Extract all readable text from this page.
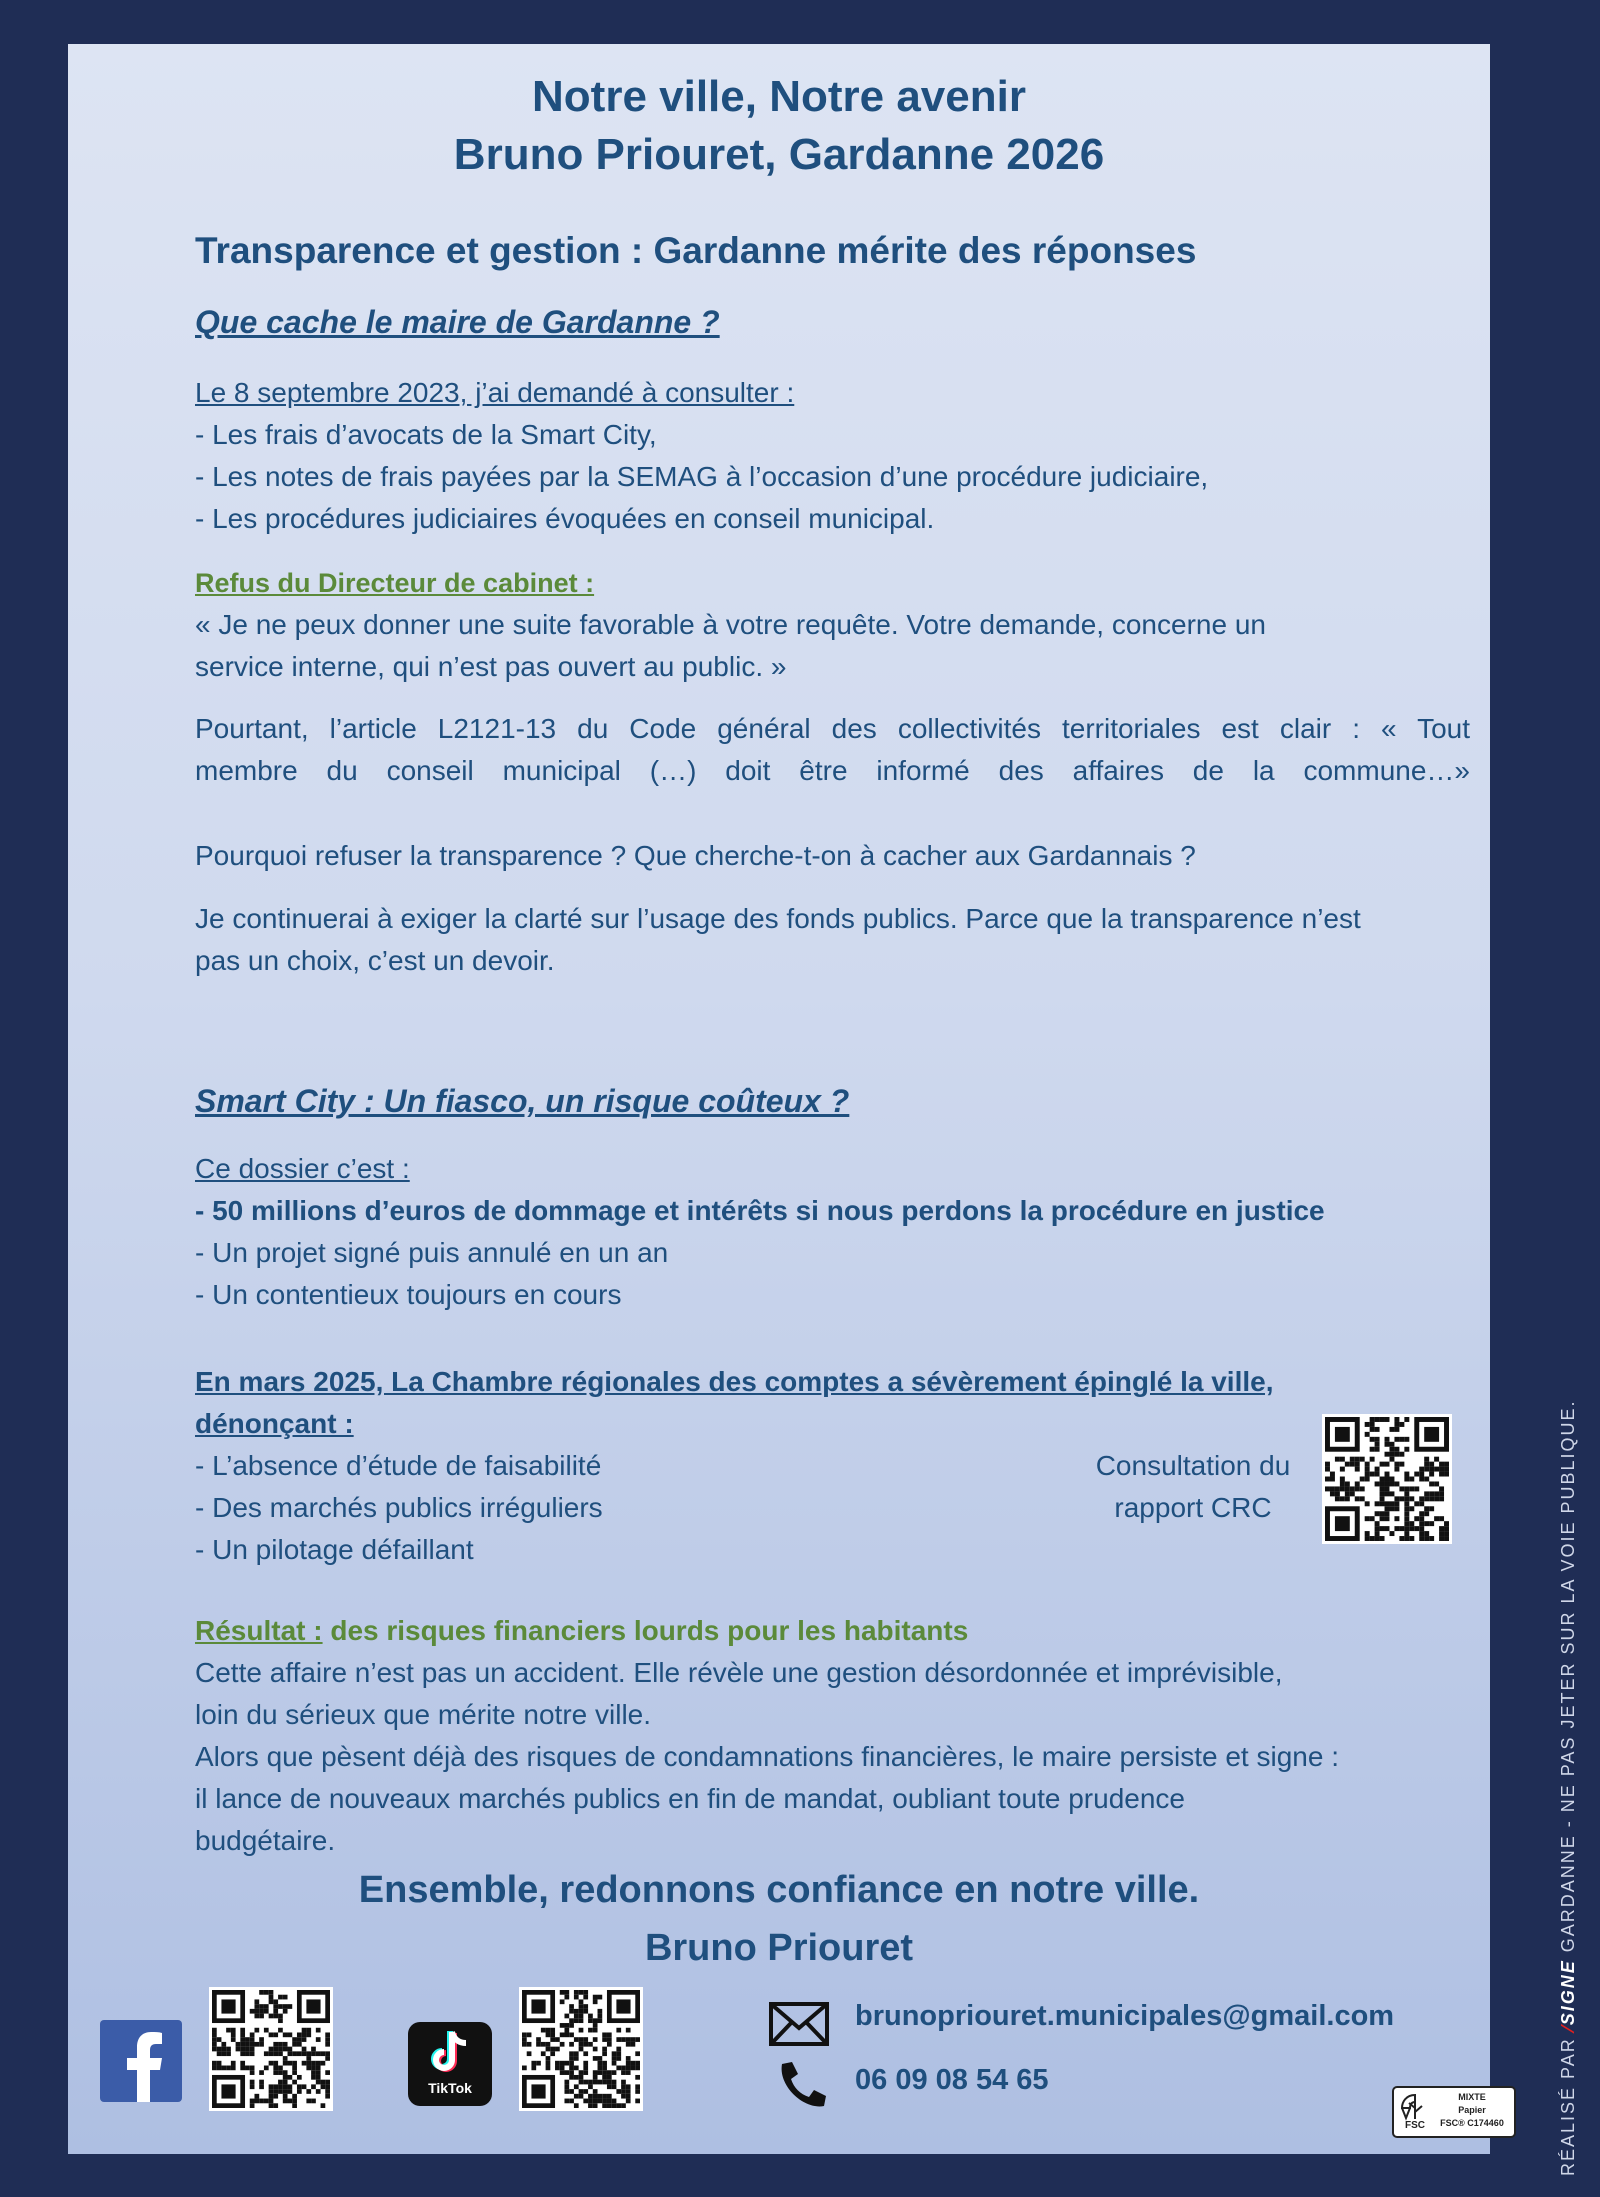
Notre ville, Notre avenir
Bruno Priouret, Gardanne 2026
Transparence et gestion : Gardanne mérite des réponses
Que cache le maire de Gardanne ?
Le 8 septembre 2023, j’ai demandé à consulter :
- Les frais d’avocats de la Smart City,
- Les notes de frais payées par la SEMAG à l’occasion d’une procédure judiciaire,
- Les procédures judiciaires évoquées en conseil municipal.
Refus du Directeur de cabinet :
« Je ne peux donner une suite favorable à votre requête. Votre demande, concerne un
service interne, qui n’est pas ouvert au public. »
Pourtant, l’article L2121-13 du Code général des collectivités territoriales est clair : « Tout
membre du conseil municipal (…) doit être informé des affaires de la commune…»
Pourquoi refuser la transparence ? Que cherche-t-on à cacher aux Gardannais ?
Je continuerai à exiger la clarté sur l’usage des fonds publics. Parce que la transparence n’est
pas un choix, c’est un devoir.
Smart City : Un fiasco, un risque coûteux ?
Ce dossier c’est :
- 50 millions d’euros de dommage et intérêts si nous perdons la procédure en justice
- Un projet signé puis annulé en un an
- Un contentieux toujours en cours
En mars 2025, La Chambre régionales des comptes a sévèrement épinglé la ville,
dénonçant :
- L’absence d’étude de faisabilité
- Des marchés publics irréguliers
- Un pilotage défaillant
Consultation du
rapport CRC
Résultat : des risques financiers lourds pour les habitants
Cette affaire n’est pas un accident. Elle révèle une gestion désordonnée et imprévisible,
loin du sérieux que mérite notre ville.
Alors que pèsent déjà des risques de condamnations financières, le maire persiste et signe :
il lance de nouveaux marchés publics en fin de mandat, oubliant toute prudence
budgétaire.
Ensemble, redonnons confiance en notre ville.
Bruno Priouret
TikTok
brunopriouret.municipales@gmail.com
06 09 08 54 65
FSC
MIXTE
Papier
FSC® C174460	RÉALISÉ PAR ⁄SIGNE GARDANNE - NE PAS JETER SUR LA VOIE PUBLIQUE.
